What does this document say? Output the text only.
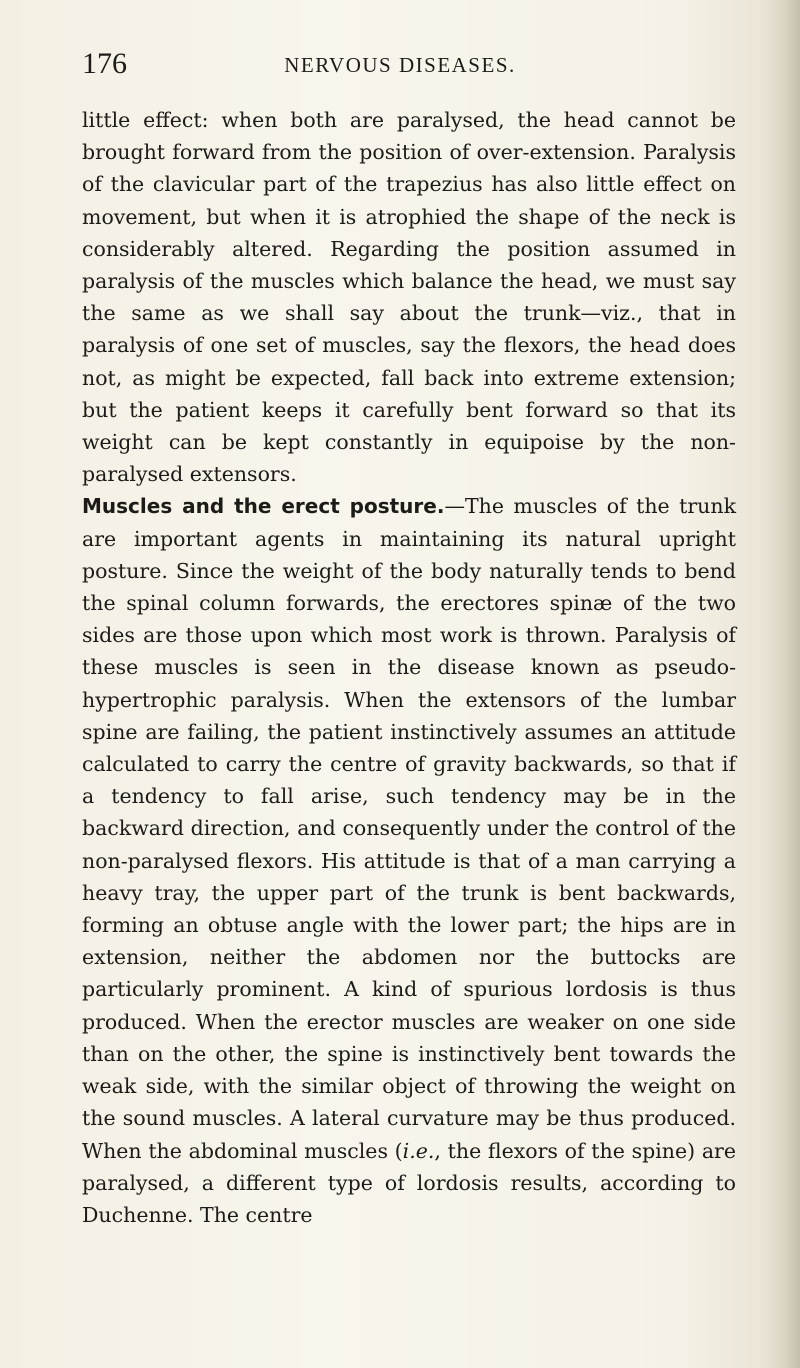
176	NERVOUS DISEASES.

little effect: when both are paralysed, the head cannot be brought forward from the position of over-extension. Paralysis of the clavicular part of the trapezius has also little effect on movement, but when it is atrophied the shape of the neck is considerably altered. Regarding the position assumed in paralysis of the muscles which balance the head, we must say the same as we shall say about the trunk—viz., that in paralysis of one set of muscles, say the flexors, the head does not, as might be expected, fall back into extreme extension; but the patient keeps it carefully bent forward so that its weight can be kept constantly in equipoise by the non-paralysed extensors.

Muscles and the erect posture.—The muscles of the trunk are important agents in maintaining its natural upright posture. Since the weight of the body naturally tends to bend the spinal column forwards, the erectores spinæ of the two sides are those upon which most work is thrown. Paralysis of these muscles is seen in the disease known as pseudo-hypertrophic paralysis. When the extensors of the lumbar spine are failing, the patient instinctively assumes an attitude calculated to carry the centre of gravity backwards, so that if a tendency to fall arise, such tendency may be in the backward direction, and consequently under the control of the non-paralysed flexors. His attitude is that of a man carrying a heavy tray, the upper part of the trunk is bent backwards, forming an obtuse angle with the lower part; the hips are in extension, neither the abdomen nor the buttocks are particularly prominent. A kind of spurious lordosis is thus produced. When the erector muscles are weaker on one side than on the other, the spine is instinctively bent towards the weak side, with the similar object of throwing the weight on the sound muscles. A lateral curvature may be thus produced. When the abdominal muscles (i.e., the flexors of the spine) are paralysed, a different type of lordosis results, according to Duchenne. The centre
